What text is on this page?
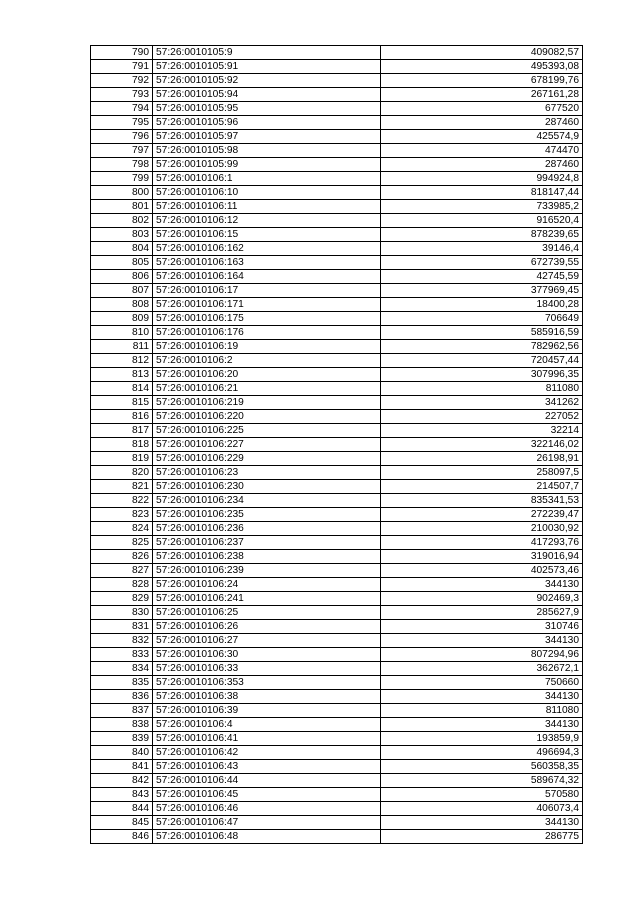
790	57:26:0010105:9	409082,57
791	57:26:0010105:91	495393,08
792	57:26:0010105:92	678199,76
793	57:26:0010105:94	267161,28
794	57:26:0010105:95	677520
795	57:26:0010105:96	287460
796	57:26:0010105:97	425574,9
797	57:26:0010105:98	474470
798	57:26:0010105:99	287460
799	57:26:0010106:1	994924,8
800	57:26:0010106:10	818147,44
801	57:26:0010106:11	733985,2
802	57:26:0010106:12	916520,4
803	57:26:0010106:15	878239,65
804	57:26:0010106:162	39146,4
805	57:26:0010106:163	672739,55
806	57:26:0010106:164	42745,59
807	57:26:0010106:17	377969,45
808	57:26:0010106:171	18400,28
809	57:26:0010106:175	706649
810	57:26:0010106:176	585916,59
811	57:26:0010106:19	782962,56
812	57:26:0010106:2	720457,44
813	57:26:0010106:20	307996,35
814	57:26:0010106:21	811080
815	57:26:0010106:219	341262
816	57:26:0010106:220	227052
817	57:26:0010106:225	32214
818	57:26:0010106:227	322146,02
819	57:26:0010106:229	26198,91
820	57:26:0010106:23	258097,5
821	57:26:0010106:230	214507,7
822	57:26:0010106:234	835341,53
823	57:26:0010106:235	272239,47
824	57:26:0010106:236	210030,92
825	57:26:0010106:237	417293,76
826	57:26:0010106:238	319016,94
827	57:26:0010106:239	402573,46
828	57:26:0010106:24	344130
829	57:26:0010106:241	902469,3
830	57:26:0010106:25	285627,9
831	57:26:0010106:26	310746
832	57:26:0010106:27	344130
833	57:26:0010106:30	807294,96
834	57:26:0010106:33	362672,1
835	57:26:0010106:353	750660
836	57:26:0010106:38	344130
837	57:26:0010106:39	811080
838	57:26:0010106:4	344130
839	57:26:0010106:41	193859,9
840	57:26:0010106:42	496694,3
841	57:26:0010106:43	560358,35
842	57:26:0010106:44	589674,32
843	57:26:0010106:45	570580
844	57:26:0010106:46	406073,4
845	57:26:0010106:47	344130
846	57:26:0010106:48	286775
